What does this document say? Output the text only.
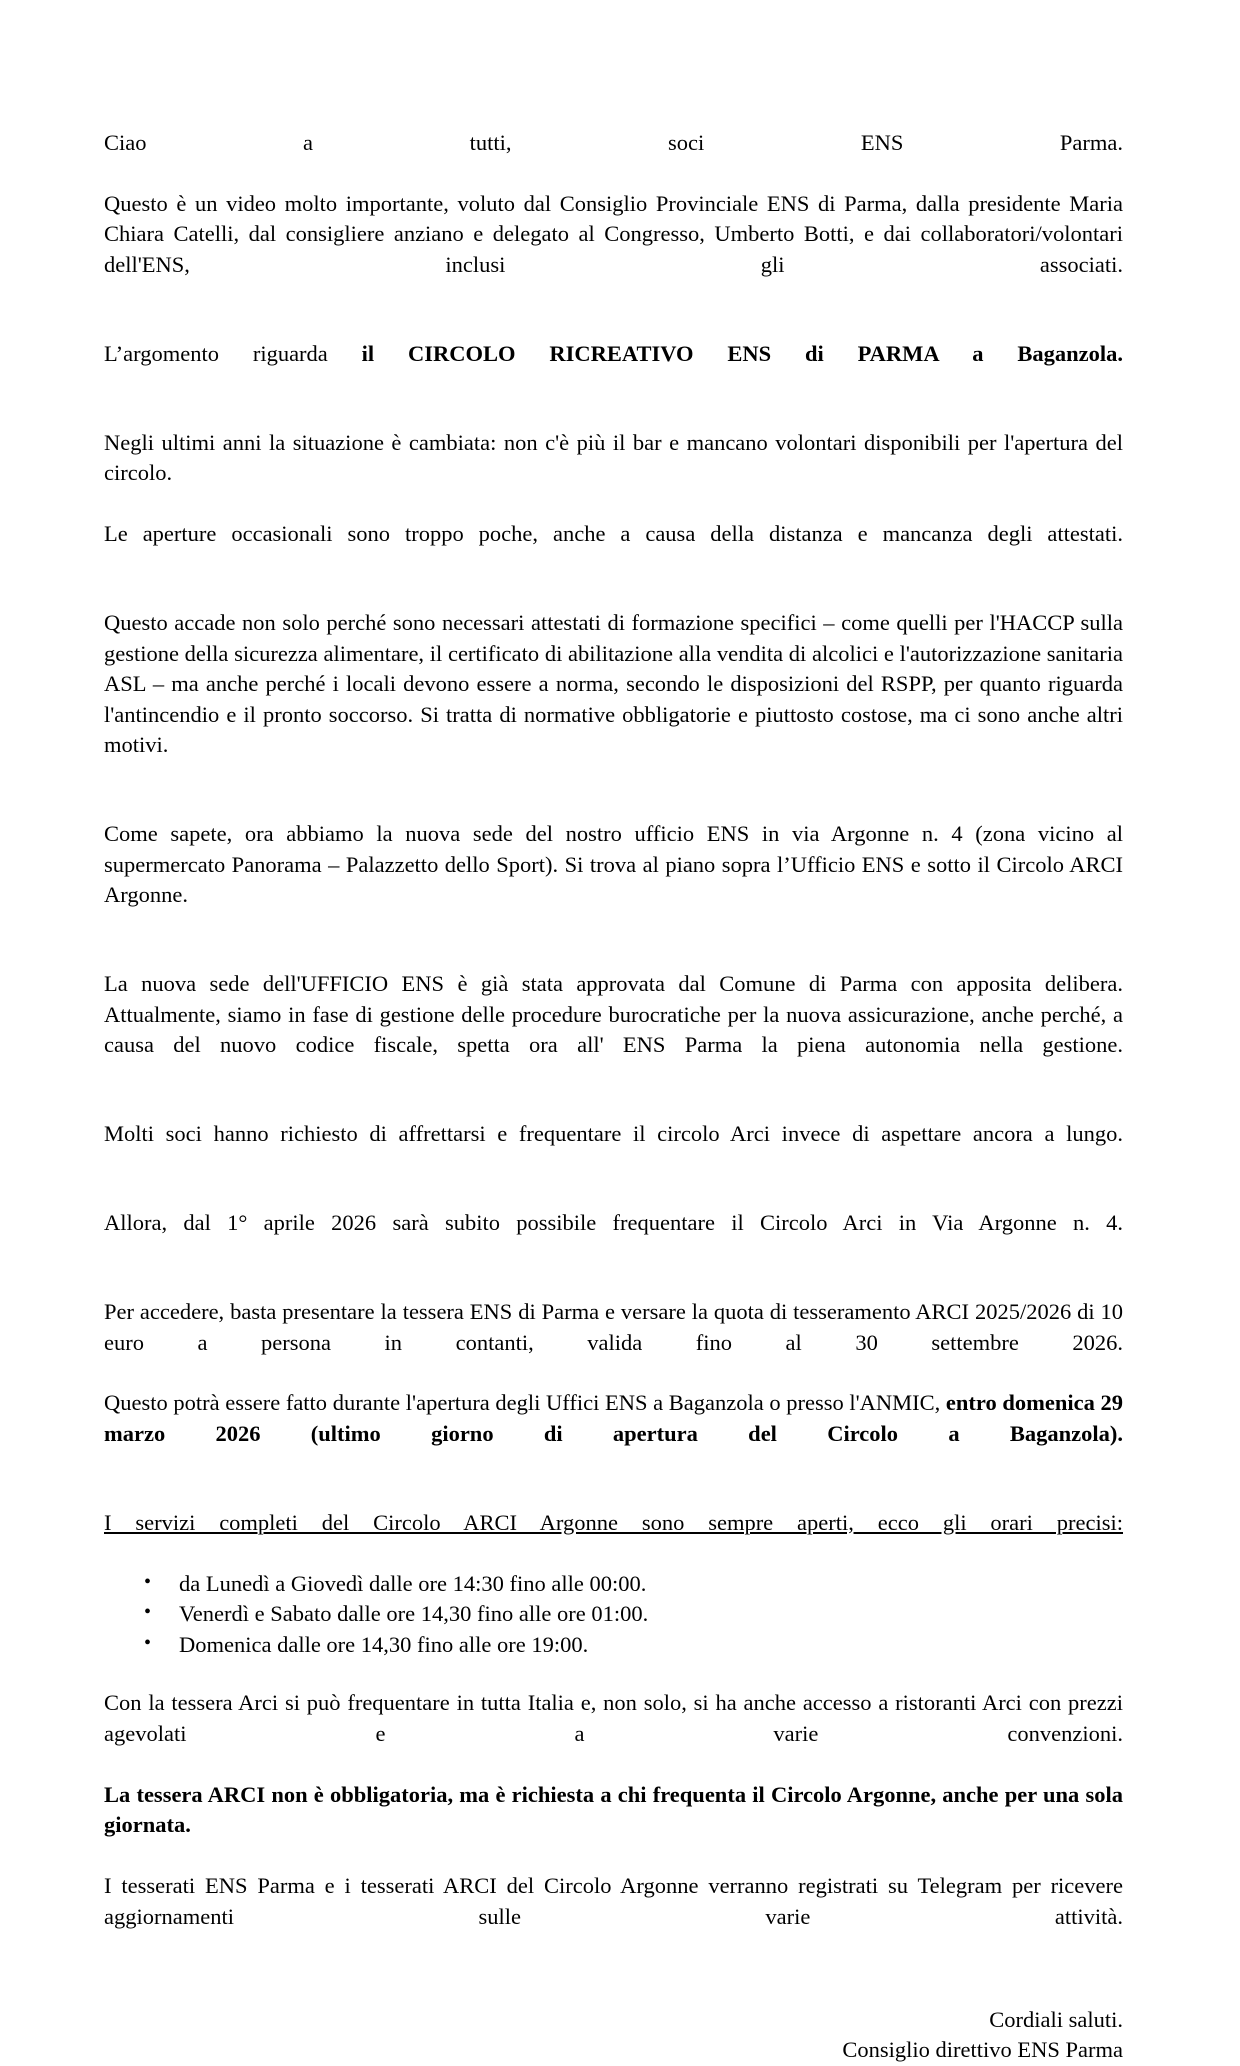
Ciao a tutti, soci ENS Parma.

Questo è un video molto importante, voluto dal Consiglio Provinciale ENS di Parma, dalla presidente Maria Chiara Catelli, dal consigliere anziano e delegato al Congresso, Umberto Botti, e dai collaboratori/volontari dell'ENS, inclusi gli associati.

L’argomento riguarda il CIRCOLO RICREATIVO ENS di PARMA a Baganzola.

Negli ultimi anni la situazione è cambiata: non c'è più il bar e mancano volontari disponibili per l'apertura del circolo.

Le aperture occasionali sono troppo poche, anche a causa della distanza e mancanza degli attestati.

Questo accade non solo perché sono necessari attestati di formazione specifici – come quelli per l'HACCP sulla gestione della sicurezza alimentare, il certificato di abilitazione alla vendita di alcolici e l'autorizzazione sanitaria ASL – ma anche perché i locali devono essere a norma, secondo le disposizioni del RSPP, per quanto riguarda l'antincendio e il pronto soccorso. Si tratta di normative obbligatorie e piuttosto costose, ma ci sono anche altri motivi.

Come sapete, ora abbiamo la nuova sede del nostro ufficio ENS in via Argonne n. 4 (zona vicino al supermercato Panorama – Palazzetto dello Sport). Si trova al piano sopra l’Ufficio ENS e sotto il Circolo ARCI Argonne.

La nuova sede dell'UFFICIO ENS è già stata approvata dal Comune di Parma con apposita delibera. Attualmente, siamo in fase di gestione delle procedure burocratiche per la nuova assicurazione, anche perché, a causa del nuovo codice fiscale, spetta ora all' ENS Parma la piena autonomia nella gestione.

Molti soci hanno richiesto di affrettarsi e frequentare il circolo Arci invece di aspettare ancora a lungo.

Allora, dal 1° aprile 2026 sarà subito possibile frequentare il Circolo Arci in Via Argonne n. 4.

Per accedere, basta presentare la tessera ENS di Parma e versare la quota di tesseramento ARCI 2025/2026 di 10 euro a persona in contanti, valida fino al 30 settembre 2026.

Questo potrà essere fatto durante l'apertura degli Uffici ENS a Baganzola o presso l'ANMIC, entro domenica 29 marzo 2026 (ultimo giorno di apertura del Circolo a Baganzola).

I servizi completi del Circolo ARCI Argonne sono sempre aperti, ecco gli orari precisi:

• da Lunedì a Giovedì dalle ore 14:30 fino alle 00:00.
• Venerdì e Sabato dalle ore 14,30 fino alle ore 01:00.
• Domenica dalle ore 14,30 fino alle ore 19:00.

Con la tessera Arci si può frequentare in tutta Italia e, non solo, si ha anche accesso a ristoranti Arci con prezzi agevolati e a varie convenzioni.

La tessera ARCI non è obbligatoria, ma è richiesta a chi frequenta il Circolo Argonne, anche per una sola giornata.

I tesserati ENS Parma e i tesserati ARCI del Circolo Argonne verranno registrati su Telegram per ricevere aggiornamenti sulle varie attività.

Cordiali saluti.

Consiglio direttivo ENS Parma
